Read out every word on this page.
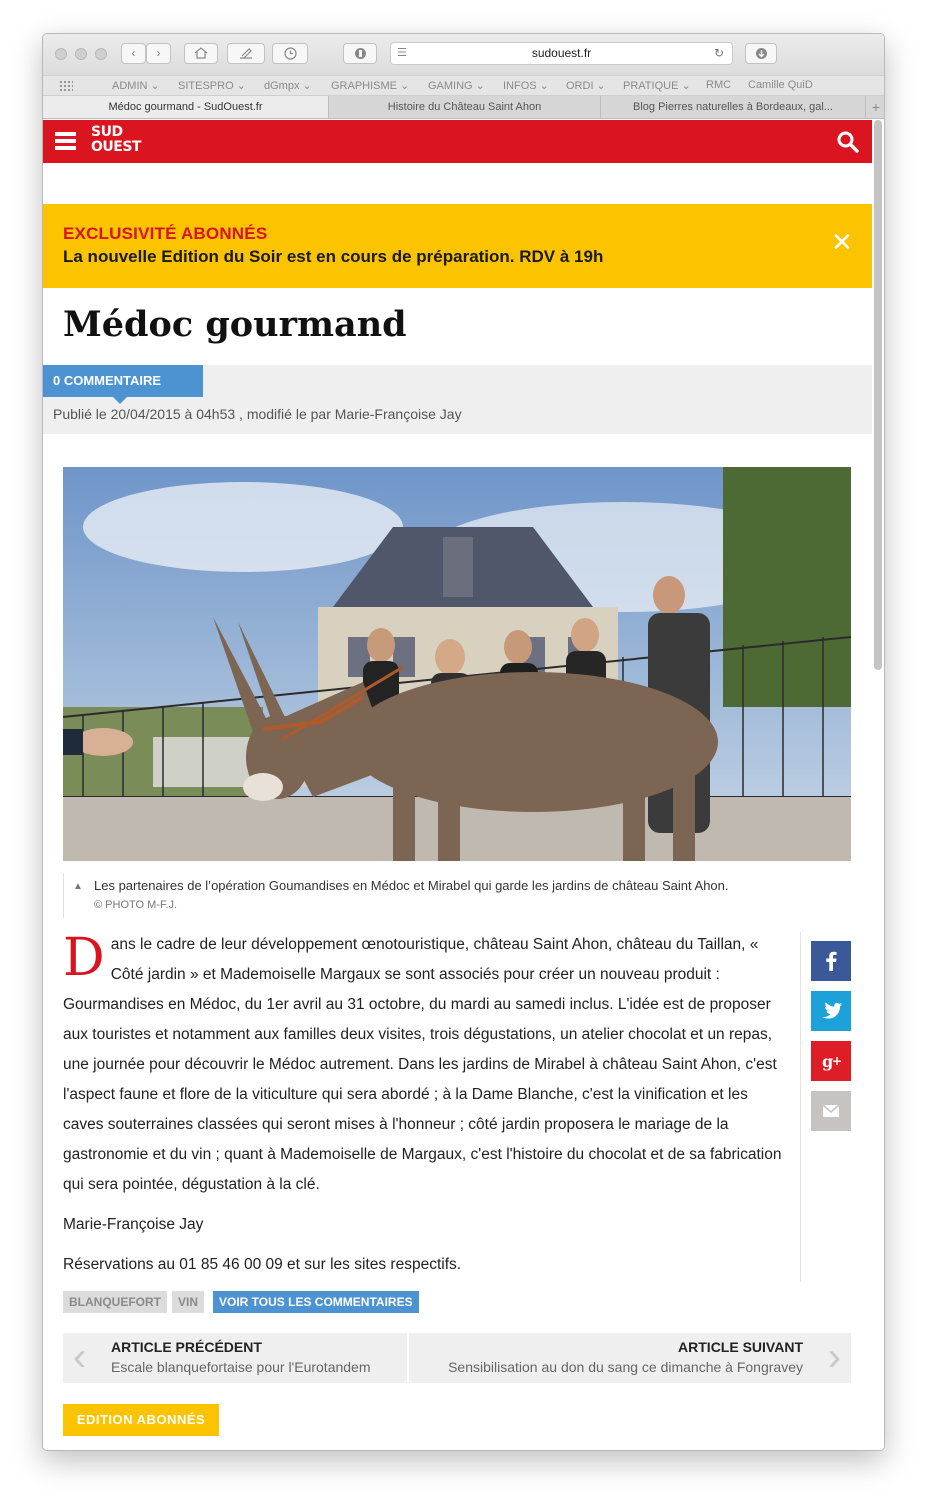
‹	›	☰	sudouest.fr	↻
ADMIN ⌄ SITESPRO ⌄ dGmpx ⌄ GRAPHISME ⌄ GAMING ⌄ INFOS ⌄ ORDI ⌄ PRATIQUE ⌄ RMC Camille QuiD
Médoc gourmand - SudOuest.fr	Histoire du Château Saint Ahon	Blog Pierres naturelles à Bordeaux, gal...	+
SUD
OUEST
EXCLUSIVITÉ ABONNÉS
La nouvelle Edition du Soir est en cours de préparation. RDV à 19h	✕
Médoc gourmand
0 COMMENTAIRE
Publié le 20/04/2015 à 04h53 , modifié le par Marie-Françoise Jay
▲ Les partenaires de l’opération Goumandises en Médoc et Mirabel qui garde les jardins de château Saint Ahon.
© PHOTO M-F.J.

Dans le cadre de leur développement œnotouristique, château Saint Ahon, château du Taillan, « Côté jardin » et Mademoiselle Margaux se sont associés pour créer un nouveau produit : Gourmandises en Médoc, du 1er avril au 31 octobre, du mardi au samedi inclus. L'idée est de proposer aux touristes et notamment aux familles deux visites, trois dégustations, un atelier chocolat et un repas, une journée pour découvrir le Médoc autrement. Dans les jardins de Mirabel à château Saint Ahon, c'est l'aspect faune et flore de la viticulture qui sera abordé ; à la Dame Blanche, c'est la vinification et les caves souterraines classées qui seront mises à l'honneur ; côté jardin proposera le mariage de la gastronomie et du vin ; quant à Mademoiselle de Margaux, c'est l'histoire du chocolat et de sa fabrication qui sera pointée, dégustation à la clé.

Marie-Françoise Jay

Réservations au 01 85 46 00 09 et sur les sites respectifs.

g
+
BLANQUEFORT	VIN	VOIR TOUS LES COMMENTAIRES
‹ ARTICLE PRÉCÉDENT
Escale blanquefortaise pour l'Eurotandem
ARTICLE SUIVANT
Sensibilisation au don du sang ce dimanche à Fongravey ›
EDITION ABONNÉS
